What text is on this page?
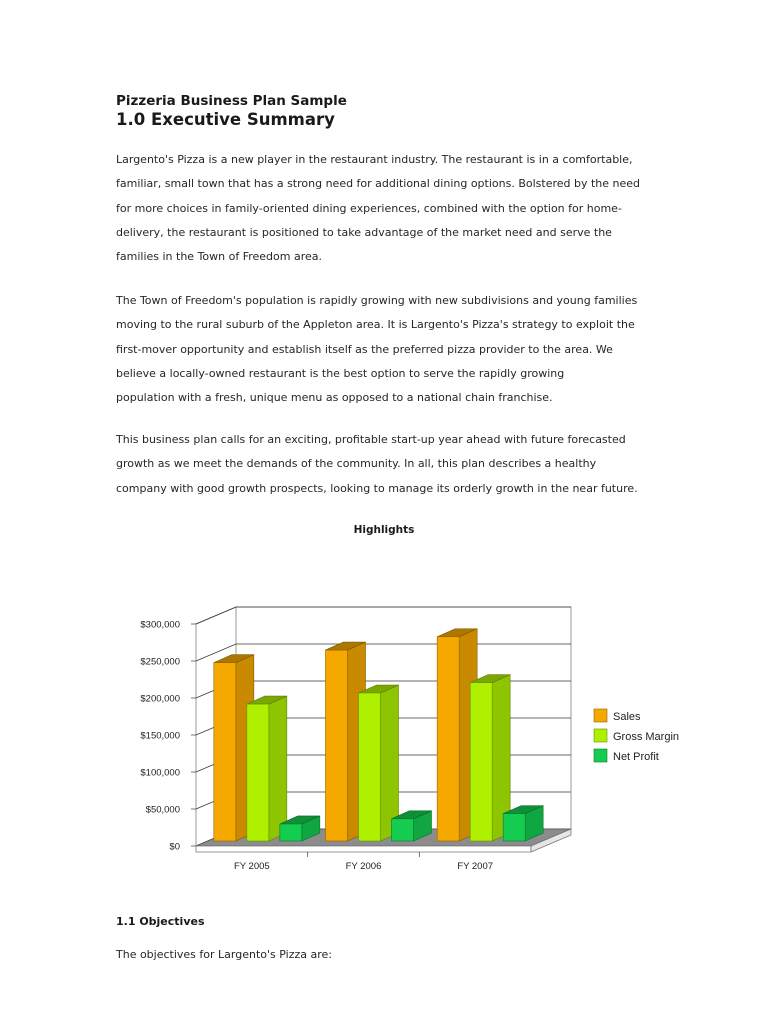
Pizzeria Business Plan Sample
1.0 Executive Summary

Largento's Pizza is a new player in the restaurant industry. The restaurant is in a comfortable,
familiar, small town that has a strong need for additional dining options. Bolstered by the need
for more choices in family-oriented dining experiences, combined with the option for home-
delivery, the restaurant is positioned to take advantage of the market need and serve the
families in the Town of Freedom area.

The Town of Freedom's population is rapidly growing with new subdivisions and young families
moving to the rural suburb of the Appleton area. It is Largento's Pizza's strategy to exploit the
first-mover opportunity and establish itself as the preferred pizza provider to the area. We
believe a locally-owned restaurant is the best option to serve the rapidly growing
population with a fresh, unique menu as opposed to a national chain franchise.

This business plan calls for an exciting, profitable start-up year ahead with future forecasted
growth as we meet the demands of the community. In all, this plan describes a healthy
company with good growth prospects, looking to manage its orderly growth in the near future.

Highlights

$0
$50,000
$100,000
$150,000
$200,000
$250,000
$300,000
FY 2005	FY 2006	FY 2007
Sales
Gross Margin
Net Profit

1.1 Objectives

The objectives for Largento's Pizza are:
